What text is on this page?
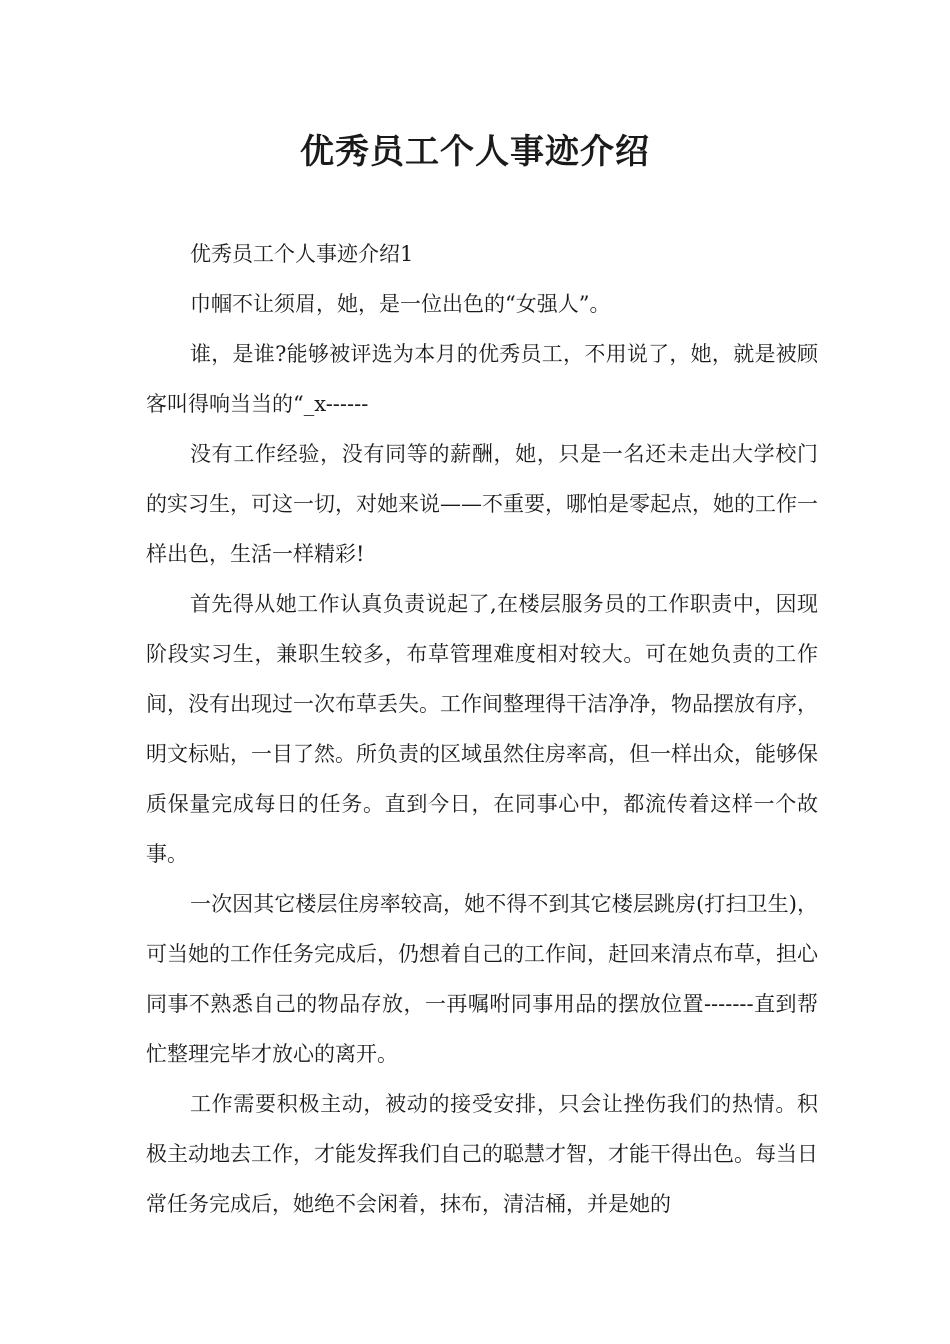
优秀员工个人事迹介绍

优秀员工个人事迹介绍1

巾帼不让须眉，她，是一位出色的“女强人”。

谁，是谁?能够被评选为本月的优秀员工，不用说了，她，就是被顾客叫得响当当的“_x------

没有工作经验，没有同等的薪酬，她，只是一名还未走出大学校门的实习生，可这一切，对她来说——不重要，哪怕是零起点，她的工作一样出色，生活一样精彩!

首先得从她工作认真负责说起了,在楼层服务员的工作职责中，因现阶段实习生，兼职生较多，布草管理难度相对较大。可在她负责的工作间，没有出现过一次布草丢失。工作间整理得干洁净净，物品摆放有序，明文标贴，一目了然。所负责的区域虽然住房率高，但一样出众，能够保质保量完成每日的任务。直到今日，在同事心中，都流传着这样一个故事。

一次因其它楼层住房率较高，她不得不到其它楼层跳房(打扫卫生)，可当她的工作任务完成后，仍想着自己的工作间，赶回来清点布草，担心同事不熟悉自己的物品存放，一再嘱咐同事用品的摆放位置-------直到帮忙整理完毕才放心的离开。

工作需要积极主动，被动的接受安排，只会让挫伤我们的热情。积极主动地去工作，才能发挥我们自己的聪慧才智，才能干得出色。每当日常任务完成后，她绝不会闲着，抹布，清洁桶，并是她的
